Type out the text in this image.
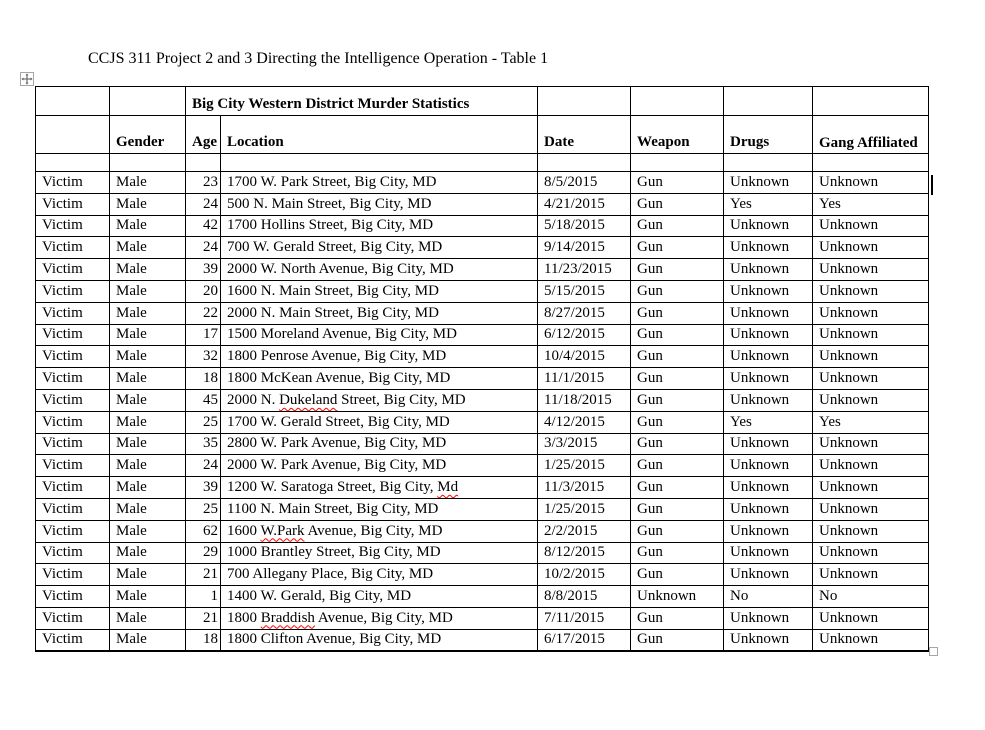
CCJS 311 Project 2 and 3 Directing the Intelligence Operation - Table 1
		Big City Western District Murder Statistics					
	Gender	Age	Location	Date	Weapon	Drugs	Gang Affiliated

Victim	Male	23	1700 W. Park Street, Big City, MD	8/5/2015	Gun	Unknown	Unknown
Victim	Male	24	500 N. Main Street, Big City, MD	4/21/2015	Gun	Yes	Yes
Victim	Male	42	1700 Hollins Street, Big City, MD	5/18/2015	Gun	Unknown	Unknown
Victim	Male	24	700 W. Gerald Street, Big City, MD	9/14/2015	Gun	Unknown	Unknown
Victim	Male	39	2000 W. North Avenue, Big City, MD	11/23/2015	Gun	Unknown	Unknown
Victim	Male	20	1600 N. Main Street, Big City, MD	5/15/2015	Gun	Unknown	Unknown
Victim	Male	22	2000 N. Main Street, Big City, MD	8/27/2015	Gun	Unknown	Unknown
Victim	Male	17	1500 Moreland Avenue, Big City, MD	6/12/2015	Gun	Unknown	Unknown
Victim	Male	32	1800 Penrose Avenue, Big City, MD	10/4/2015	Gun	Unknown	Unknown
Victim	Male	18	1800 McKean Avenue, Big City, MD	11/1/2015	Gun	Unknown	Unknown
Victim	Male	45	2000 N. Dukeland Street, Big City, MD	11/18/2015	Gun	Unknown	Unknown
Victim	Male	25	1700 W. Gerald Street, Big City, MD	4/12/2015	Gun	Yes	Yes
Victim	Male	35	2800 W. Park Avenue, Big City, MD	3/3/2015	Gun	Unknown	Unknown
Victim	Male	24	2000 W. Park Avenue, Big City, MD	1/25/2015	Gun	Unknown	Unknown
Victim	Male	39	1200 W. Saratoga Street, Big City, Md	11/3/2015	Gun	Unknown	Unknown
Victim	Male	25	1100 N. Main Street, Big City, MD	1/25/2015	Gun	Unknown	Unknown
Victim	Male	62	1600 W.Park Avenue, Big City, MD	2/2/2015	Gun	Unknown	Unknown
Victim	Male	29	1000 Brantley Street, Big City, MD	8/12/2015	Gun	Unknown	Unknown
Victim	Male	21	700 Allegany Place, Big City, MD	10/2/2015	Gun	Unknown	Unknown
Victim	Male	1	1400 W. Gerald, Big City, MD	8/8/2015	Unknown	No	No
Victim	Male	21	1800 Braddish Avenue, Big City, MD	7/11/2015	Gun	Unknown	Unknown
Victim	Male	18	1800 Clifton Avenue, Big City, MD	6/17/2015	Gun	Unknown	Unknown
